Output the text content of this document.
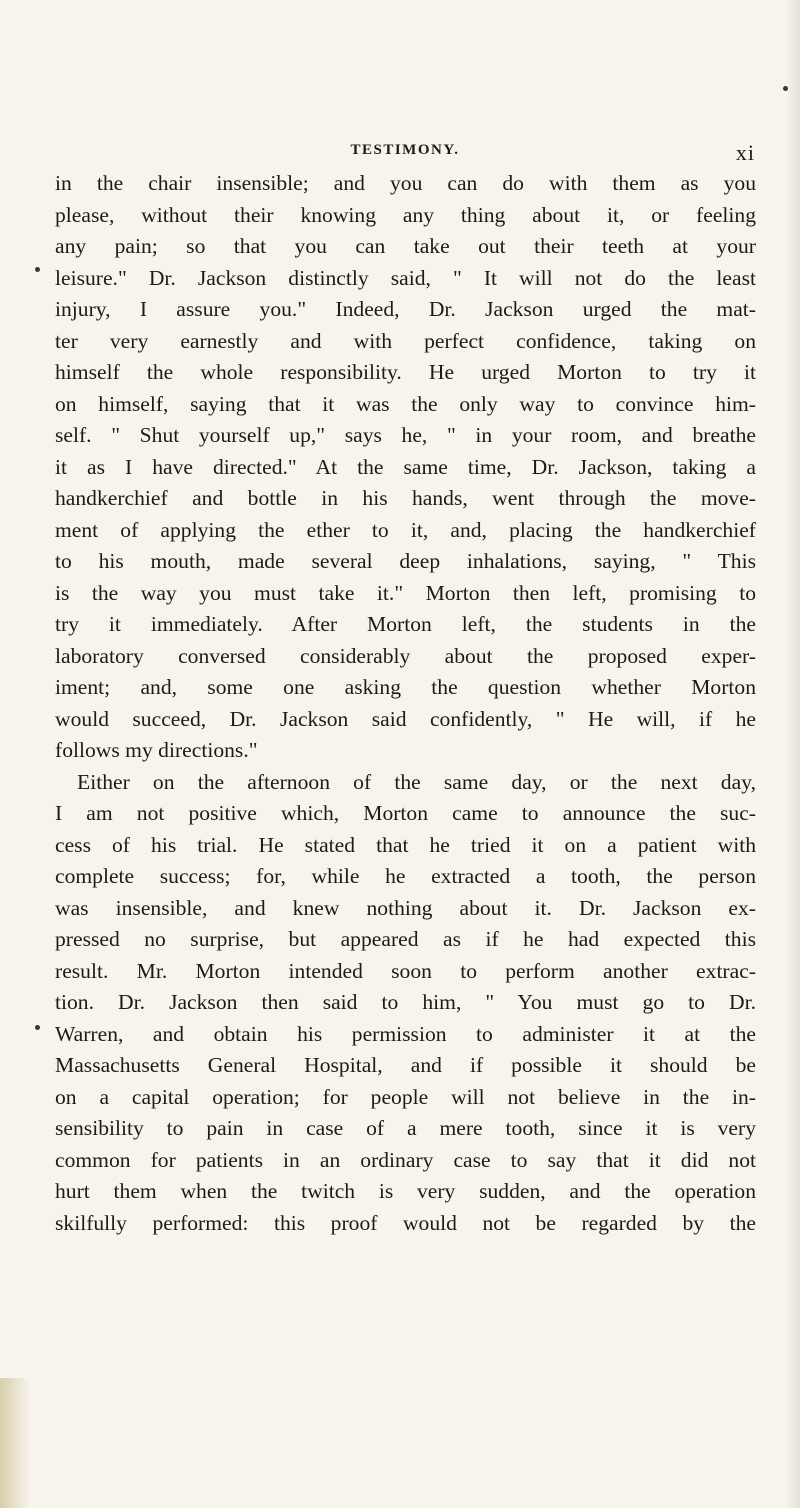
TESTIMONY.	xi
in the chair insensible; and you can do with them as you
please, without their knowing any thing about it, or feeling
any pain; so that you can take out their teeth at your
leisure." Dr. Jackson distinctly said, " It will not do the least
injury, I assure you." Indeed, Dr. Jackson urged the mat-
ter very earnestly and with perfect confidence, taking on
himself the whole responsibility. He urged Morton to try it
on himself, saying that it was the only way to convince him-
self. " Shut yourself up," says he, " in your room, and breathe
it as I have directed." At the same time, Dr. Jackson, taking a
handkerchief and bottle in his hands, went through the move-
ment of applying the ether to it, and, placing the handkerchief
to his mouth, made several deep inhalations, saying, " This
is the way you must take it." Morton then left, promising to
try it immediately. After Morton left, the students in the
laboratory conversed considerably about the proposed exper-
iment; and, some one asking the question whether Morton
would succeed, Dr. Jackson said confidently, " He will, if he
follows my directions."
Either on the afternoon of the same day, or the next day,
I am not positive which, Morton came to announce the suc-
cess of his trial. He stated that he tried it on a patient with
complete success; for, while he extracted a tooth, the person
was insensible, and knew nothing about it. Dr. Jackson ex-
pressed no surprise, but appeared as if he had expected this
result. Mr. Morton intended soon to perform another extrac-
tion. Dr. Jackson then said to him, " You must go to Dr.
Warren, and obtain his permission to administer it at the
Massachusetts General Hospital, and if possible it should be
on a capital operation; for people will not believe in the in-
sensibility to pain in case of a mere tooth, since it is very
common for patients in an ordinary case to say that it did not
hurt them when the twitch is very sudden, and the operation
skilfully performed: this proof would not be regarded by the
